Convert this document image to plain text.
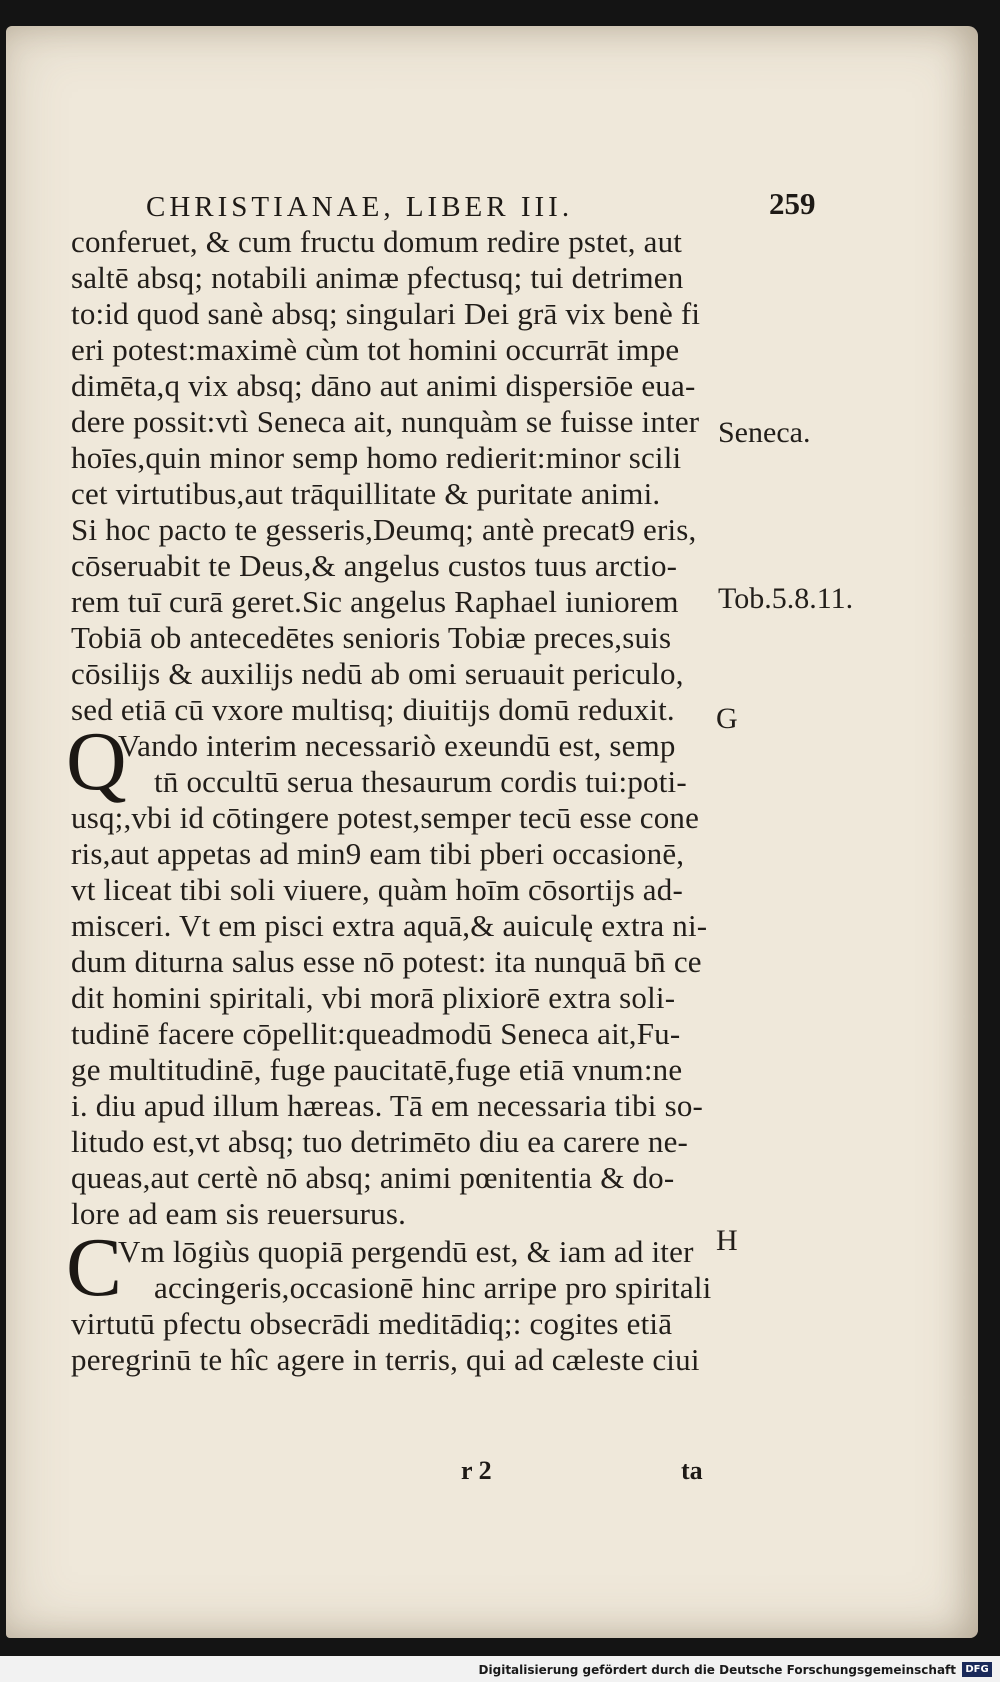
CHRISTIANAE, LIBER III.	259
conferuet, & cum fructu domum redire pstet, aut
saltē absq; notabili animæ pfectusq; tui detrimen
to:id quod sanè absq; singulari Dei grā vix benè fi
eri potest:maximè cùm tot homini occurrāt impe
dimēta,q vix absq; dāno aut animi dispersiōe eua-
dere possit:vtì Seneca ait, nunquàm se fuisse inter
hoīes,quin minor semp homo redierit:minor scili
cet virtutibus,aut trāquillitate & puritate animi.
Si hoc pacto te gesseris,Deumq; antè precat9 eris,
cōseruabit te Deus,& angelus custos tuus arctio-
rem tuī curā geret.Sic angelus Raphael iuniorem
Tobiā ob antecedētes senioris Tobiæ preces,suis
cōsilijs & auxilijs nedū ab omi seruauit periculo,
sed etiā cū vxore multisq; diuitijs domū reduxit.
Q
Vando interim necessariò exeundū est, semp
tn̄ occultū serua thesaurum cordis tui:poti-
usq;,vbi id cōtingere potest,semper tecū esse cone
ris,aut appetas ad min9 eam tibi pberi occasionē,
vt liceat tibi soli viuere, quàm hoīm cōsortijs ad-
misceri. Vt em pisci extra aquā,& auiculę extra ni-
dum diturna salus esse nō potest: ita nunquā bn̄ ce
dit homini spiritali, vbi morā plixiorē extra soli-
tudinē facere cōpellit:queadmodū Seneca ait,Fu-
ge multitudinē, fuge paucitatē,fuge etiā vnum:ne
i. diu apud illum hæreas. Tā em necessaria tibi so-
litudo est,vt absq; tuo detrimēto diu ea carere ne-
queas,aut certè nō absq; animi pœnitentia & do-
lore ad eam sis reuersurus.
C
Vm lōgiùs quopiā pergendū est, & iam ad iter
accingeris,occasionē hinc arripe pro spiritali
virtutū pfectu obsecrādi meditādiq;: cogites etiā
peregrinū te hîc agere in terris, qui ad cæleste ciui
r 2	ta
Seneca.
Tob.5.8.11.
G
H
Digitalisierung gefördert durch die Deutsche Forschungsgemeinschaft DFG
